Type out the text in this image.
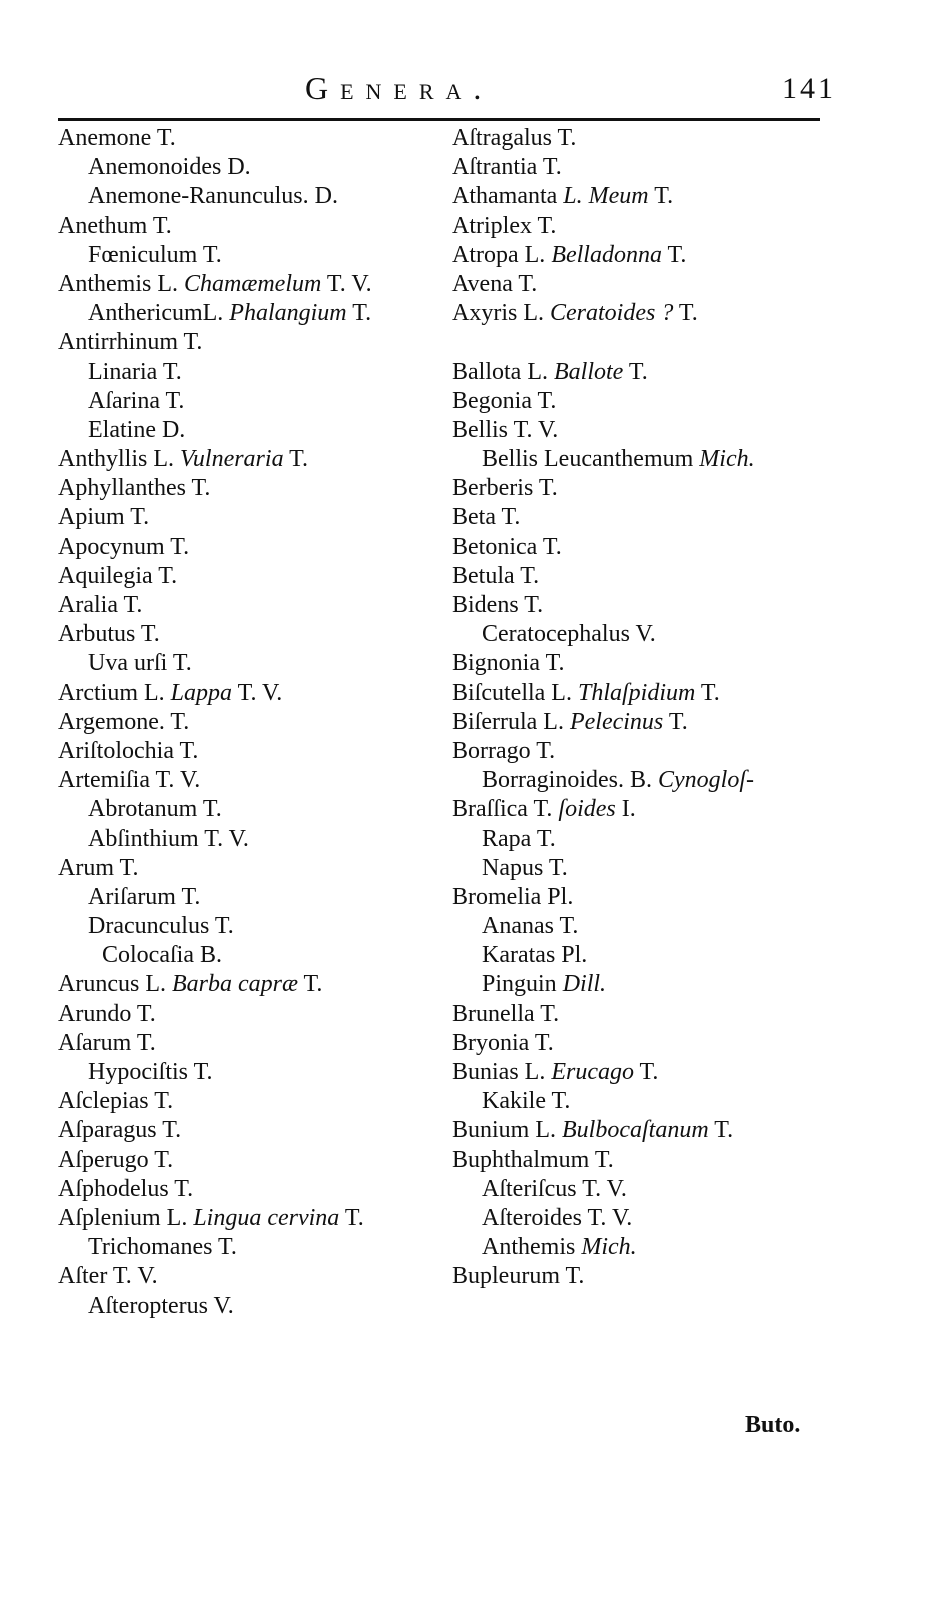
Genera.	141
Anemone T.
Anemonoides D.
Anemone-Ranunculus. D.
Anethum T.
Fœniculum T.
Anthemis L. Chamæmelum T. V.
AnthericumL. Phalangium T.
Antirrhinum T.
Linaria T.
Aſarina T.
Elatine D.
Anthyllis L. Vulneraria T.
Aphyllanthes T.
Apium T.
Apocynum T.
Aquilegia T.
Aralia T.
Arbutus T.
Uva urſi T.
Arctium L. Lappa T. V.
Argemone. T.
Ariſtolochia T.
Artemiſia T. V.
Abrotanum T.
Abſinthium T. V.
Arum T.
Ariſarum T.
Dracunculus T.
Colocaſia B.
Aruncus L. Barba capræ T.
Arundo T.
Aſarum T.
Hypociſtis T.
Aſclepias T.
Aſparagus T.
Aſperugo T.
Aſphodelus T.
Aſplenium L. Lingua cervina T.
Trichomanes T.
Aſter T. V.
Aſteropterus V.
Aſtragalus T.
Aſtrantia T.
Athamanta L. Meum T.
Atriplex T.
Atropa L. Belladonna T.
Avena T.
Axyris L. Ceratoides ? T.
Ballota L. Ballote T.
Begonia T.
Bellis T. V.
Bellis Leucanthemum Mich.
Berberis T.
Beta T.
Betonica T.
Betula T.
Bidens T.
Ceratocephalus V.
Bignonia T.
Biſcutella L. Thlaſpidium T.
Biſerrula L. Pelecinus T.
Borrago T.
Borraginoides. B. Cynogloſ-
Braſſica T. ſoides I.
Rapa T.
Napus T.
Bromelia Pl.
Ananas T.
Karatas Pl.
Pinguin Dill.
Brunella T.
Bryonia T.
Bunias L. Erucago T.
Kakile T.
Bunium L. Bulbocaſtanum T.
Buphthalmum T.
Aſteriſcus T. V.
Aſteroides T. V.
Anthemis Mich.
Bupleurum T.
Buto.
